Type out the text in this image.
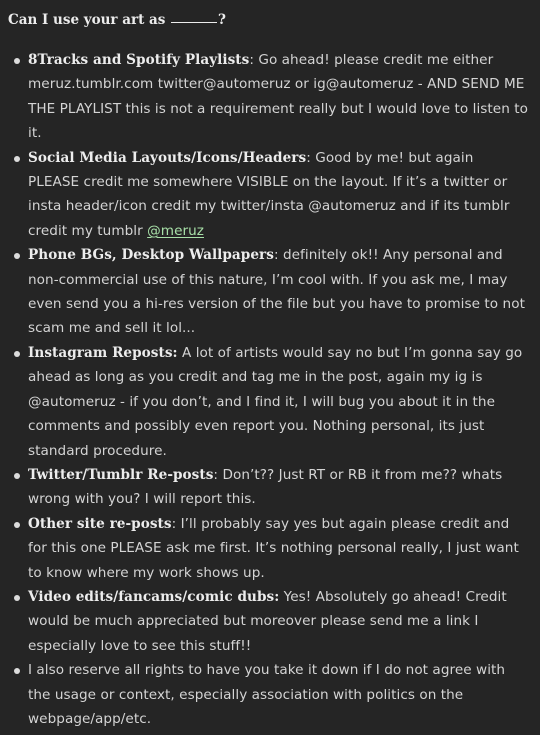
Can I use your art as	?
8Tracks and Spotify Playlists: Go ahead! please credit me either meruz.tumblr.com twitter@automeruz or ig@automeruz - AND SEND ME THE PLAYLIST this is not a requirement really but I would love to listen to it.
Social Media Layouts/Icons/Headers: Good by me! but again PLEASE credit me somewhere VISIBLE on the layout. If it’s a twitter or insta header/icon credit my twitter/insta @automeruz and if its tumblr credit my tumblr @meruz
Phone BGs, Desktop Wallpapers: definitely ok!! Any personal and non-commercial use of this nature, I’m cool with. If you ask me, I may even send you a hi-res version of the file but you have to promise to not scam me and sell it lol...
Instagram Reposts: A lot of artists would say no but I’m gonna say go ahead as long as you credit and tag me in the post, again my ig is @automeruz - if you don’t, and I find it, I will bug you about it in the comments and possibly even report you. Nothing personal, its just standard procedure.
Twitter/Tumblr Re-posts: Don’t?? Just RT or RB it from me?? whats wrong with you? I will report this.
Other site re-posts: I’ll probably say yes but again please credit and for this one PLEASE ask me first. It’s nothing personal really, I just want to know where my work shows up.
Video edits/fancams/comic dubs: Yes! Absolutely go ahead! Credit would be much appreciated but moreover please send me a link I especially love to see this stuff!!
I also reserve all rights to have you take it down if I do not agree with the usage or context, especially association with politics on the webpage/app/etc.
